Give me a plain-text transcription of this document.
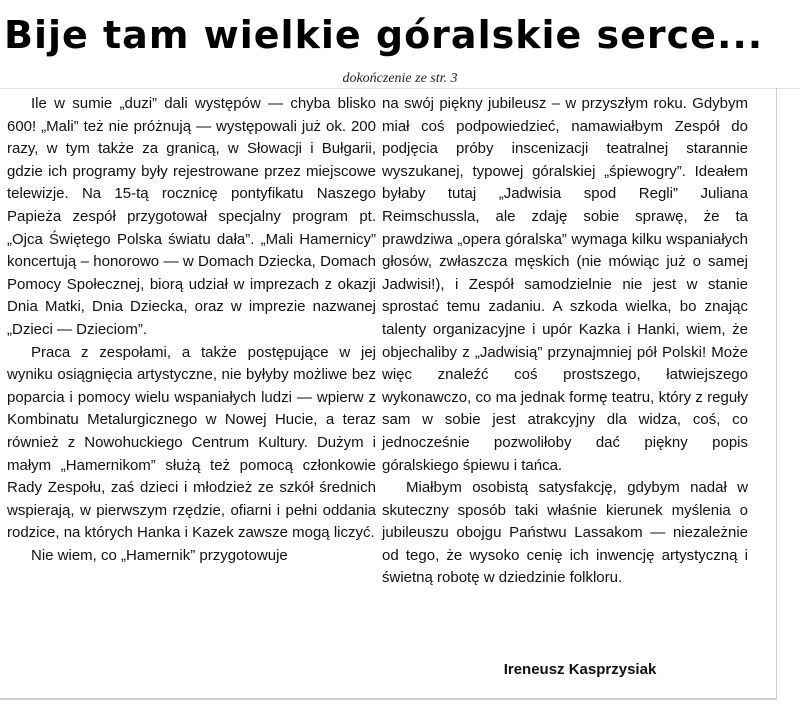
Bije tam wielkie góralskie serce...
dokończenie ze str. 3

Ile w sumie „duzi” dali występów — chyba blisko 600! „Mali” też nie próżnują — występowali już ok. 200 razy, w tym także za granicą, w Słowacji i Bułgarii, gdzie ich programy były rejestrowane przez miejscowe telewizje. Na 15-tą rocznicę pontyfikatu Naszego Papieża zespół przygotował specjalny program pt. „Ojca Świętego Polska światu dała”. „Mali Hamernicy” koncertują – honorowo — w Domach Dziecka, Domach Pomocy Społecznej, biorą udział w imprezach z okazji Dnia Matki, Dnia Dziecka, oraz w imprezie nazwanej „Dzieci — Dzieciom”.

Praca z zespołami, a także postępujące w jej wyniku osiągnięcia artystyczne, nie byłyby możliwe bez poparcia i pomocy wielu wspaniałych ludzi — wpierw z Kombinatu Metalurgicznego w Nowej Hucie, a teraz również z Nowohuckiego Centrum Kultury. Dużym i małym „Hamernikom” służą też pomocą członkowie Rady Zespołu, zaś dzieci i młodzież ze szkół średnich wspierają, w pierwszym rzędzie, ofiarni i pełni oddania rodzice, na których Hanka i Kazek zawsze mogą liczyć.

Nie wiem, co „Hamernik” przygotowuje

na swój piękny jubileusz – w przyszłym roku. Gdybym miał coś podpowiedzieć, namawiałbym Zespół do podjęcia próby inscenizacji teatralnej starannie wyszukanej, typowej góralskiej „śpiewogry”. Ideałem byłaby tutaj „Jadwisia spod Regli” Juliana Reimschussla, ale zdaję sobie sprawę, że ta prawdziwa „opera góralska” wymaga kilku wspaniałych głosów, zwłaszcza męskich (nie mówiąc już o samej Jadwisi!), i Zespół samodzielnie nie jest w stanie sprostać temu zadaniu. A szkoda wielka, bo znając talenty organizacyjne i upór Kazka i Hanki, wiem, że objechaliby z „Jadwisią” przynajmniej pół Polski! Może więc znaleźć coś prostszego, łatwiejszego wykonawczo, co ma jednak formę teatru, który z reguły sam w sobie jest atrakcyjny dla widza, coś, co jednocześnie pozwoliłoby dać piękny popis góralskiego śpiewu i tańca.

Miałbym osobistą satysfakcję, gdybym nadał w skuteczny sposób taki właśnie kierunek myślenia o jubileuszu obojgu Państwu Lassakom — niezależnie od tego, że wysoko cenię ich inwencję artystyczną i świetną robotę w dziedzinie folkloru.

Ireneusz Kasprzysiak
